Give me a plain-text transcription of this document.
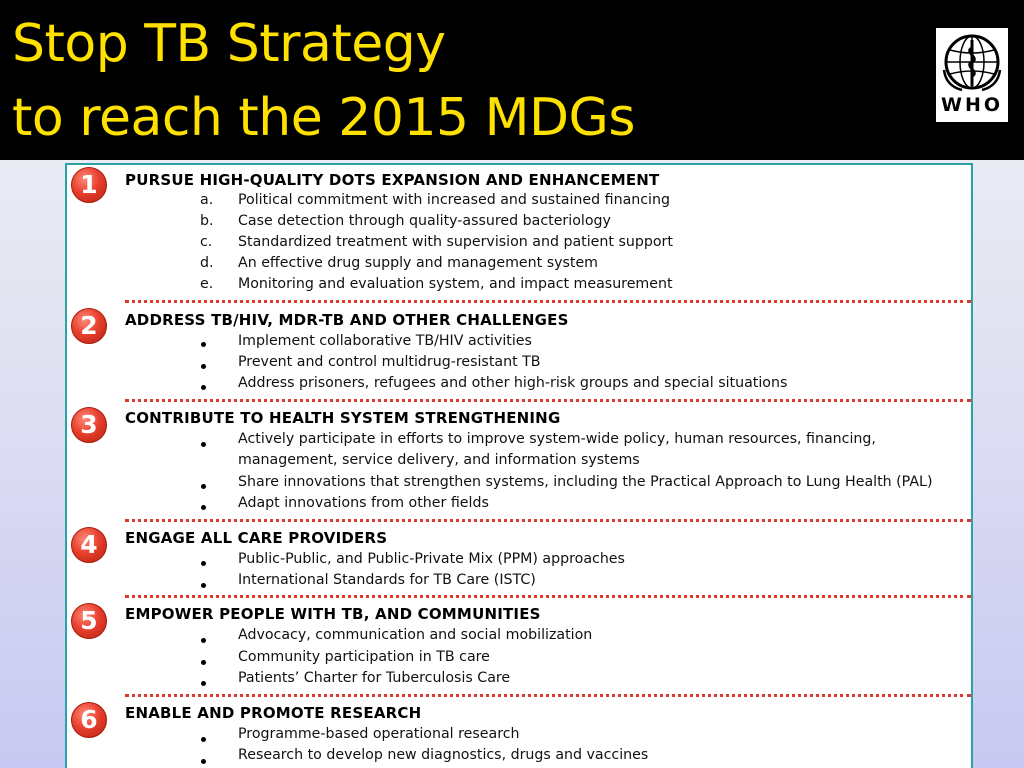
Stop TB Strategy
to reach the 2015 MDGs	WHO
1	PURSUE HIGH-QUALITY DOTS EXPANSION AND ENHANCEMENT
a. Political commitment with increased and sustained financing
b. Case detection through quality-assured bacteriology
c. Standardized treatment with supervision and patient support
d. An effective drug supply and management system
e. Monitoring and evaluation system, and impact measurement
2	ADDRESS TB/HIV, MDR-TB AND OTHER CHALLENGES
Implement collaborative TB/HIV activities
Prevent and control multidrug-resistant TB
Address prisoners, refugees and other high-risk groups and special situations
3	CONTRIBUTE TO HEALTH SYSTEM STRENGTHENING
Actively participate in efforts to improve system-wide policy, human resources, financing,
management, service delivery, and information systems
Share innovations that strengthen systems, including the Practical Approach to Lung Health (PAL)
Adapt innovations from other fields
4	ENGAGE ALL CARE PROVIDERS
Public-Public, and Public-Private Mix (PPM) approaches
International Standards for TB Care (ISTC)
5	EMPOWER PEOPLE WITH TB, AND COMMUNITIES
Advocacy, communication and social mobilization
Community participation in TB care
Patients’ Charter for Tuberculosis Care
6	ENABLE AND PROMOTE RESEARCH
Programme-based operational research
Research to develop new diagnostics, drugs and vaccines
